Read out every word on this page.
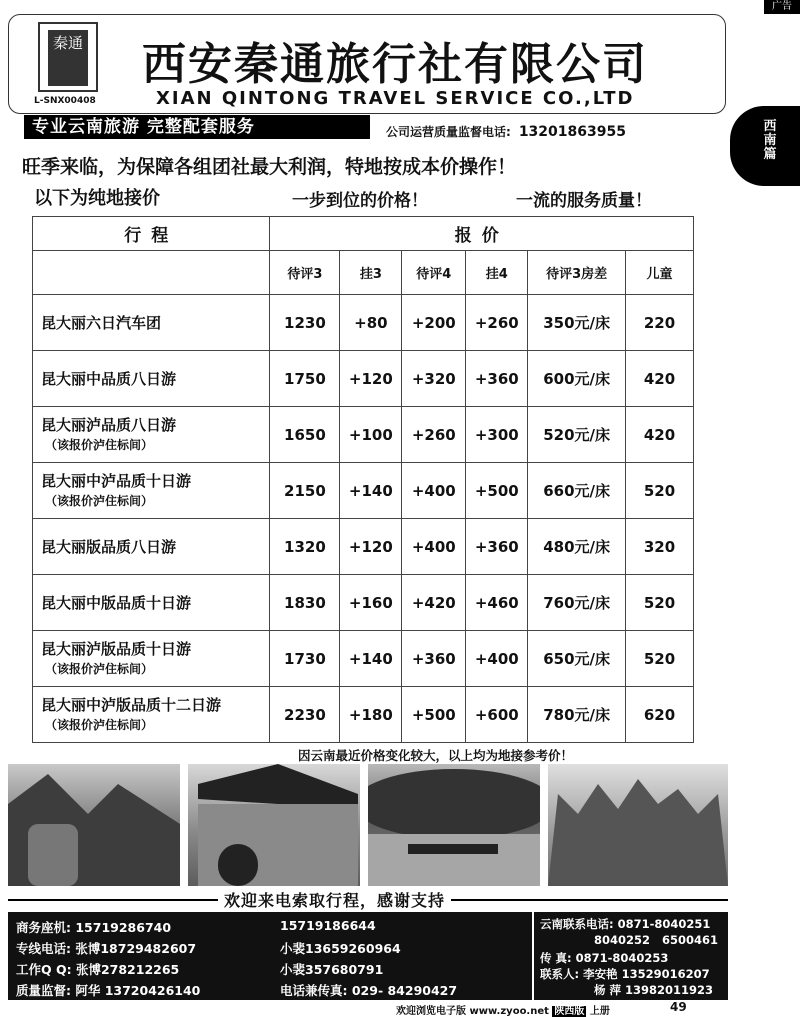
广告
西
南
篇
秦通
L-SNX00408
西安秦通旅行社有限公司
XIAN QINTONG TRAVEL SERVICE CO.,LTD
专业云南旅游 完整配套服务	公司运营质量监督电话: 13201863955
旺季来临，为保障各组团社最大利润，特地按成本价操作！
以下为纯地接价	一步到位的价格！	一流的服务质量！
行程	报价					
	待评3	挂3	待评4	挂4	待评3房差	儿童
昆大丽六日汽车团	1230	+80	+200	+260	350元/床	220
昆大丽中品质八日游	1750	+120	+320	+360	600元/床	420
昆大丽泸品质八日游
（该报价泸住标间）	1650	+100	+260	+300	520元/床	420
昆大丽中泸品质十日游
（该报价泸住标间）	2150	+140	+400	+500	660元/床	520
昆大丽版品质八日游	1320	+120	+400	+360	480元/床	320
昆大丽中版品质十日游	1830	+160	+420	+460	760元/床	520
昆大丽泸版品质十日游
（该报价泸住标间）	1730	+140	+360	+400	650元/床	520
昆大丽中泸版品质十二日游
（该报价泸住标间）	2230	+180	+500	+600	780元/床	620
因云南最近价格变化较大，以上均为地接参考价！
欢迎来电索取行程，感谢支持
商务座机: 15719286740	15719186644
专线电话: 张博18729482607	小裴13659260964
工作Q Q: 张博278212265	小裴357680791
质量监督: 阿华 13720426140	电话兼传真: 029- 84290427
云南联系电话: 0871-8040251
8040252 6500461
传 真: 0871-8040253
联系人: 李安艳 13529016207
杨 萍 13982011923
欢迎浏览电子版 www.zyoo.net 陕西版 上册	49
